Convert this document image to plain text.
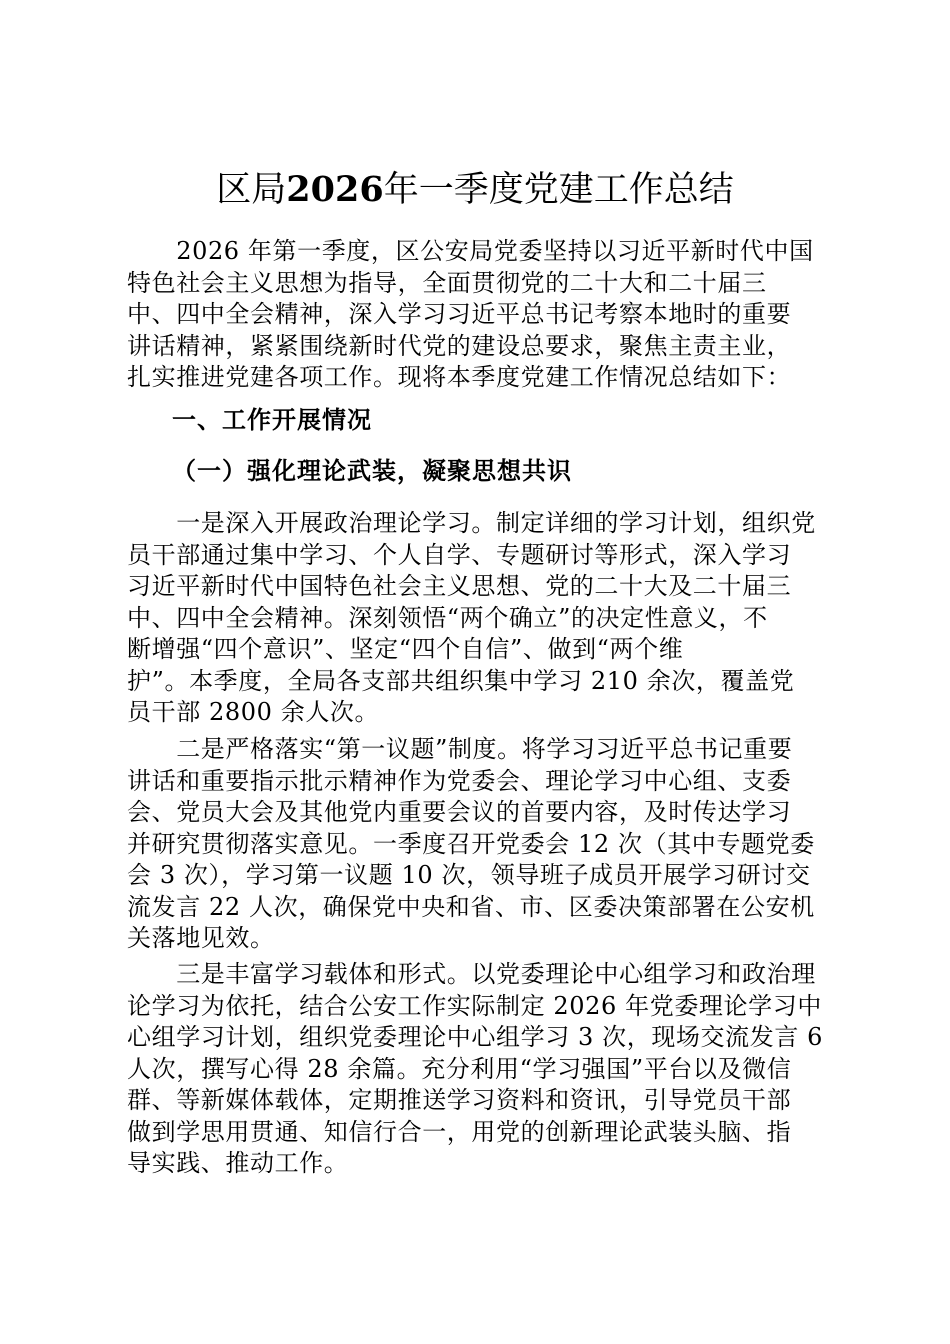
区局2026年一季度党建工作总结

　　2026 年第一季度，区公安局党委坚持以习近平新时代中国
特色社会主义思想为指导，全面贯彻党的二十大和二十届三
中、四中全会精神，深入学习习近平总书记考察本地时的重要
讲话精神，紧紧围绕新时代党的建设总要求，聚焦主责主业，
扎实推进党建各项工作。现将本季度党建工作情况总结如下：

一、工作开展情况
（一）强化理论武装，凝聚思想共识

　　一是深入开展政治理论学习。制定详细的学习计划，组织党
员干部通过集中学习、个人自学、专题研讨等形式，深入学习
习近平新时代中国特色社会主义思想、党的二十大及二十届三
中、四中全会精神。深刻领悟“两个确立”的决定性意义，不
断增强“四个意识”、坚定“四个自信”、做到“两个维
护”。本季度，全局各支部共组织集中学习 210 余次，覆盖党
员干部 2800 余人次。

　　二是严格落实“第一议题”制度。将学习习近平总书记重要
讲话和重要指示批示精神作为党委会、理论学习中心组、支委
会、党员大会及其他党内重要会议的首要内容，及时传达学习
并研究贯彻落实意见。一季度召开党委会 12 次（其中专题党委
会 3 次），学习第一议题 10 次，领导班子成员开展学习研讨交
流发言 22 人次，确保党中央和省、市、区委决策部署在公安机
关落地见效。

　　三是丰富学习载体和形式。以党委理论中心组学习和政治理
论学习为依托，结合公安工作实际制定 2026 年党委理论学习中
心组学习计划，组织党委理论中心组学习 3 次，现场交流发言 6
人次，撰写心得 28 余篇。充分利用“学习强国”平台以及微信
群、等新媒体载体，定期推送学习资料和资讯，引导党员干部
做到学思用贯通、知信行合一，用党的创新理论武装头脑、指
导实践、推动工作。
